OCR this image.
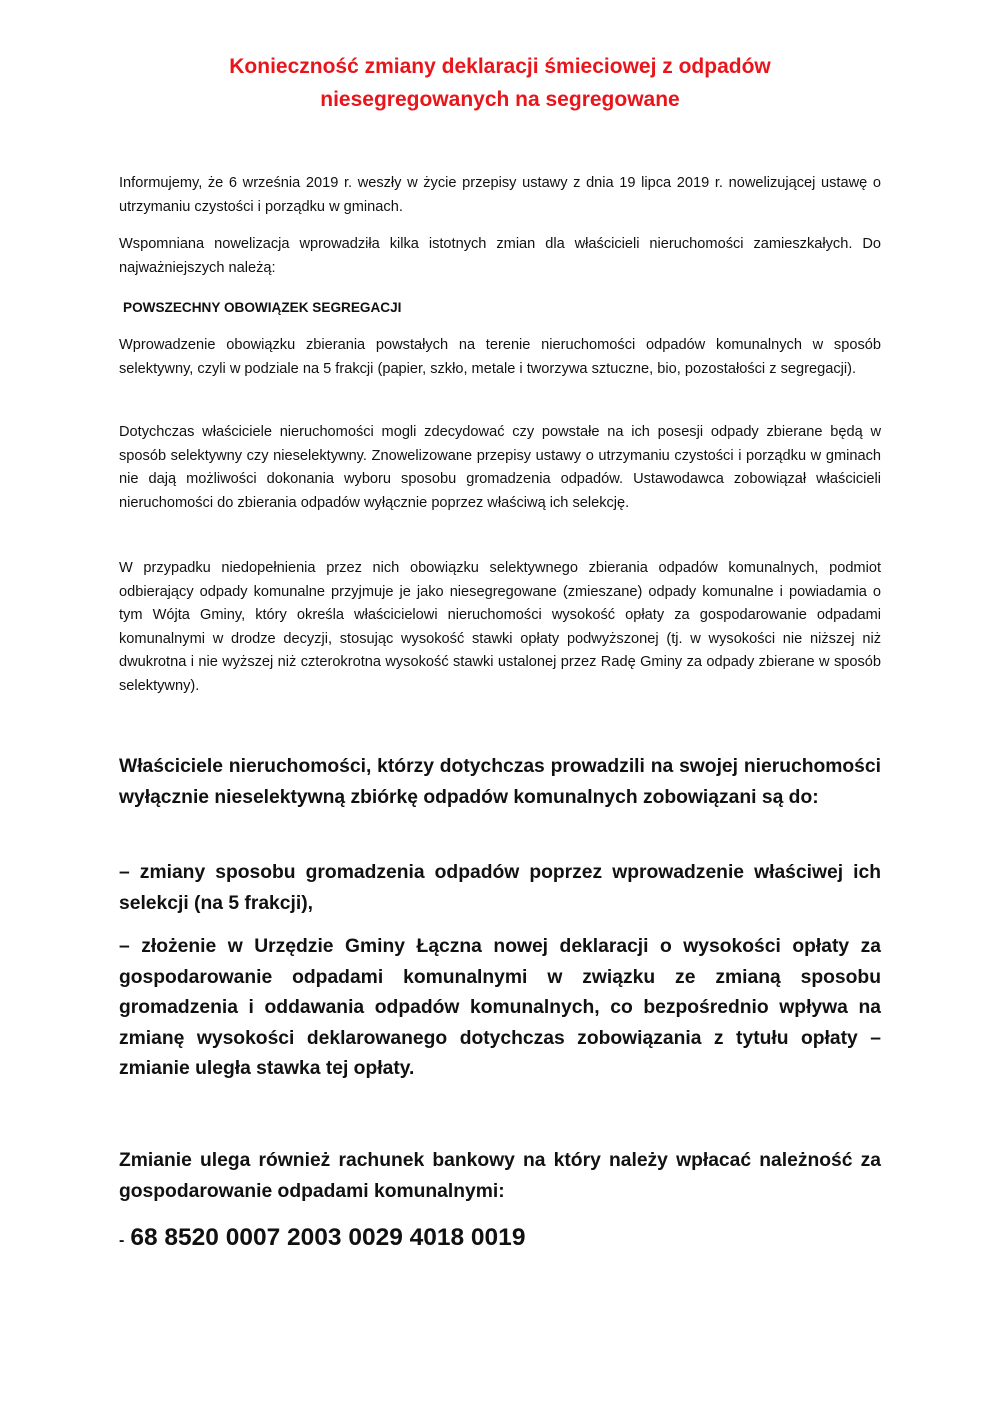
Konieczność zmiany deklaracji śmieciowej z odpadów
niesegregowanych na segregowane

Informujemy, że 6 września 2019 r. weszły w życie przepisy ustawy z dnia 19 lipca 2019 r. nowelizującej ustawę o utrzymaniu czystości i porządku w gminach.

Wspomniana nowelizacja wprowadziła kilka istotnych zmian dla właścicieli nieruchomości zamieszkałych. Do najważniejszych należą:

POWSZECHNY OBOWIĄZEK SEGREGACJI

Wprowadzenie obowiązku zbierania powstałych na terenie nieruchomości odpadów komunalnych w sposób selektywny, czyli w podziale na 5 frakcji (papier, szkło, metale i tworzywa sztuczne, bio, pozostałości z segregacji).

Dotychczas właściciele nieruchomości mogli zdecydować czy powstałe na ich posesji odpady zbierane będą w sposób selektywny czy nieselektywny. Znowelizowane przepisy ustawy o utrzymaniu czystości i porządku w gminach nie dają możliwości dokonania wyboru sposobu gromadzenia odpadów. Ustawodawca zobowiązał właścicieli nieruchomości do zbierania odpadów wyłącznie poprzez właściwą ich selekcję.

W przypadku niedopełnienia przez nich obowiązku selektywnego zbierania odpadów komunalnych, podmiot odbierający odpady komunalne przyjmuje je jako niesegregowane (zmieszane) odpady komunalne i powiadamia o tym Wójta Gminy, który określa właścicielowi nieruchomości wysokość opłaty za gospodarowanie odpadami komunalnymi w drodze decyzji, stosując wysokość stawki opłaty podwyższonej (tj. w wysokości nie niższej niż dwukrotna i nie wyższej niż czterokrotna wysokość stawki ustalonej przez Radę Gminy za odpady zbierane w sposób selektywny).

Właściciele nieruchomości, którzy dotychczas prowadzili na swojej nieruchomości wyłącznie nieselektywną zbiórkę odpadów komunalnych zobowiązani są do:

– zmiany sposobu gromadzenia odpadów poprzez wprowadzenie właściwej ich selekcji (na 5 frakcji),

– złożenie w Urzędzie Gminy Łączna nowej deklaracji o wysokości opłaty za gospodarowanie odpadami komunalnymi w związku ze zmianą sposobu gromadzenia i oddawania odpadów komunalnych, co bezpośrednio wpływa na zmianę wysokości deklarowanego dotychczas zobowiązania z tytułu opłaty – zmianie uległa stawka tej opłaty.

Zmianie ulega również rachunek bankowy na który należy wpłacać należność za gospodarowanie odpadami komunalnymi:

- 68 8520 0007 2003 0029 4018 0019
